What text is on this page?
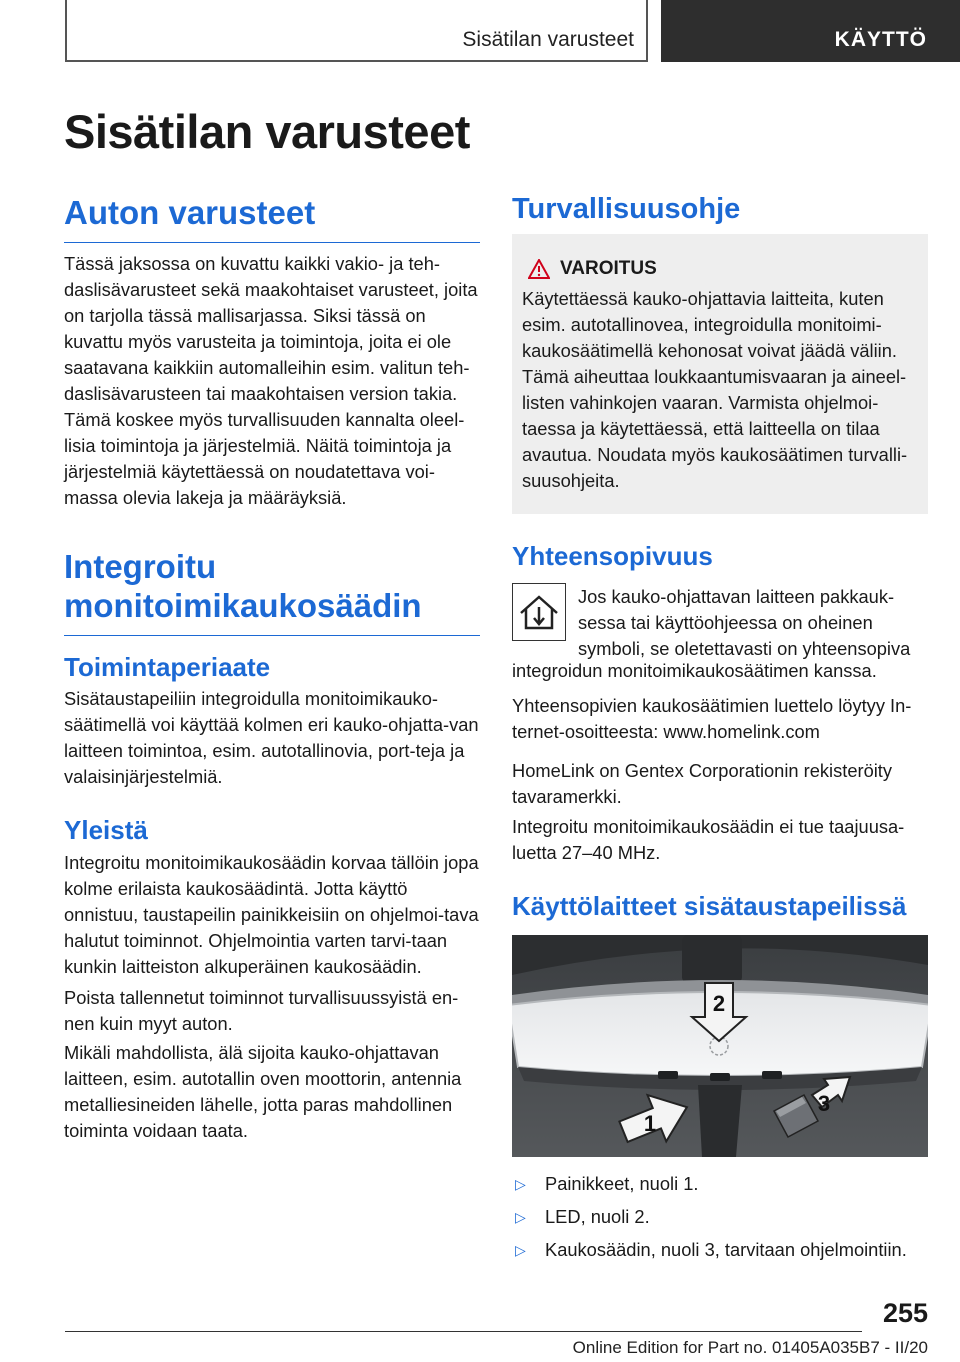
Sisätilan varusteet	KÄYTTÖ
Sisätilan varusteet
Auton varusteet

Tässä jaksossa on kuvattu kaikki vakio- ja teh-daslisävarusteet sekä maakohtaiset varusteet, joita on tarjolla tässä mallisarjassa. Siksi tässä on kuvattu myös varusteita ja toimintoja, joita ei ole saatavana kaikkiin automalleihin esim. valitun teh-daslisävarusteen tai maakohtaisen version takia. Tämä koskee myös turvallisuuden kannalta oleel-lisia toimintoja ja järjestelmiä. Näitä toimintoja ja järjestelmiä käytettäessä on noudatettava voi-massa olevia lakeja ja määräyksiä.

Integroitu monitoimikaukosäädin
Toimintaperiaate

Sisätaustapeiliin integroidulla monitoimikauko-säätimellä voi käyttää kolmen eri kauko-ohjatta-van laitteen toimintoa, esim. autotallinovia, port-teja ja valaisinjärjestelmiä.

Yleistä

Integroitu monitoimikaukosäädin korvaa tällöin jopa kolme erilaista kaukosäädintä. Jotta käyttö onnistuu, taustapeilin painikkeisiin on ohjelmoi-tava halutut toiminnot. Ohjelmointia varten tarvi-taan kunkin laitteiston alkuperäinen kaukosäädin.

Poista tallennetut toiminnot turvallisuussyistä en-nen kuin myyt auton.

Mikäli mahdollista, älä sijoita kauko-ohjattavan laitteen, esim. autotallin oven moottorin, antennia metalliesineiden lähelle, jotta paras mahdollinen toiminta voidaan taata.

Turvallisuusohje
VAROITUS

Käytettäessä kauko-ohjattavia laitteita, kuten esim. autotallinovea, integroidulla monitoimi-kaukosäätimellä kehonosat voivat jäädä väliin. Tämä aiheuttaa loukkaantumisvaaran ja aineel-listen vahinkojen vaaran. Varmista ohjelmoi-taessa ja käytettäessä, että laitteella on tilaa avautua. Noudata myös kaukosäätimen turvalli-suusohjeita.

Yhteensopivuus

Jos kauko-ohjattavan laitteen pakkauk-sessa tai käyttöohjeessa on oheinen symboli, se oletettavasti on yhteensopiva

integroidun monitoimikaukosäätimen kanssa.

Yhteensopivien kaukosäätimien luettelo löytyy In-ternet-osoitteesta: www.homelink.com

HomeLink on Gentex Corporationin rekisteröity tavaramerkki.

Integroitu monitoimikaukosäädin ei tue taajuusa-luetta 27–40 MHz.

Käyttölaitteet sisätaustapeilissä
2
1
3
▷	Painikkeet, nuoli 1.
▷	LED, nuoli 2.
▷	Kaukosäädin, nuoli 3, tarvitaan ohjelmointiin.
255
Online Edition for Part no. 01405A035B7 - II/20
